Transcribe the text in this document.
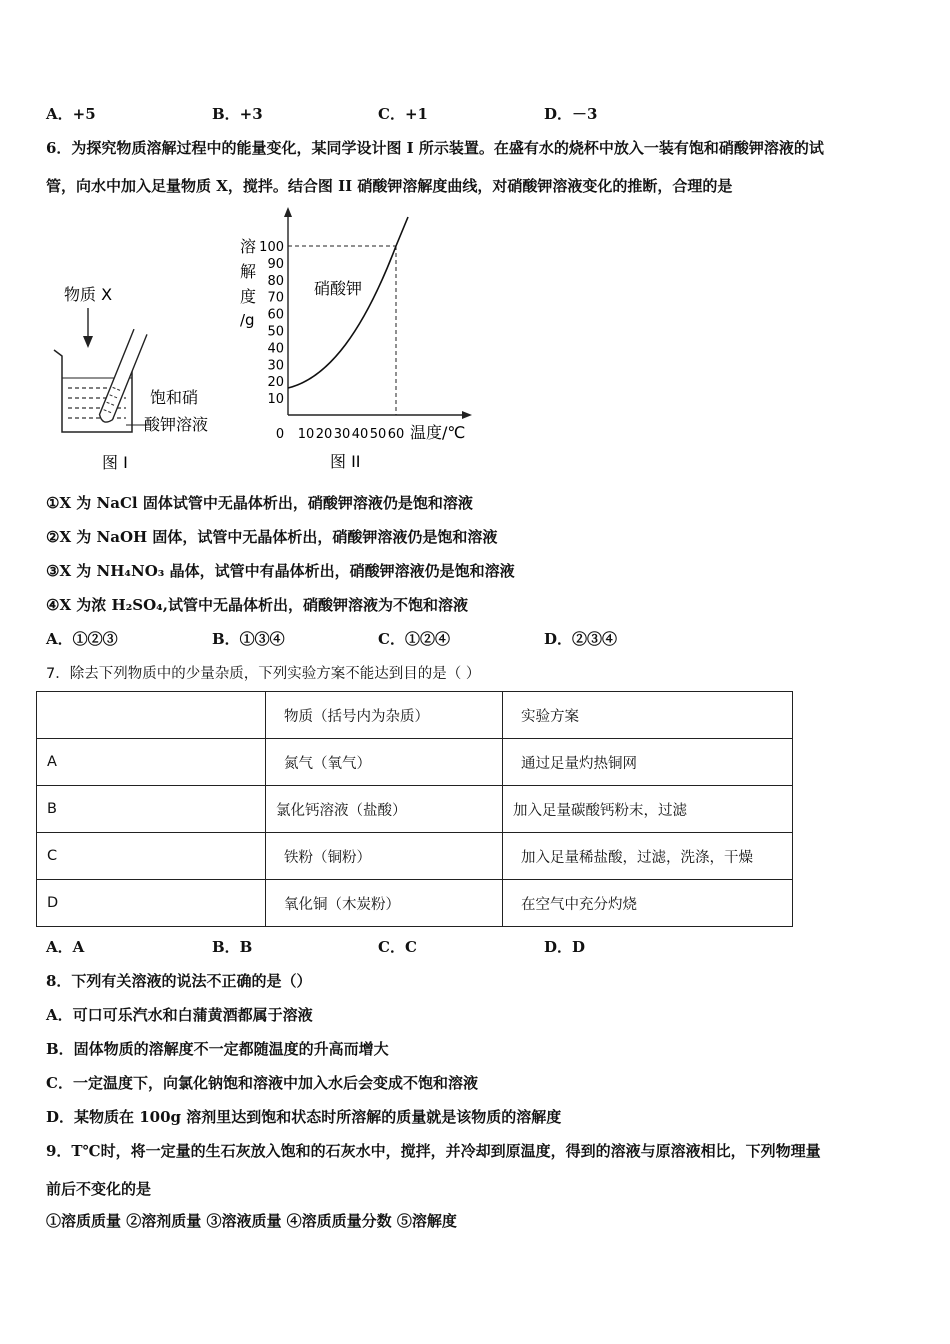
A．+5	B．+3	C．+1	D．－3
6．为探究物质溶解过程中的能量变化，某同学设计图 I 所示装置。在盛有水的烧杯中放入一装有饱和硝酸钾溶液的试
管，向水中加入足量物质 X，搅拌。结合图 II 硝酸钾溶解度曲线，对硝酸钾溶液变化的推断，合理的是
物质 X
饱和硝
酸钾溶液
图 I
溶
解
度
/g
100
90
80
70
60
50
40
30
20
10
0 10 20 30 40 50 60
硝酸钾
温度/℃
图 II
①X 为 NaCl 固体试管中无晶体析出，硝酸钾溶液仍是饱和溶液
②X 为 NaOH 固体，试管中无晶体析出，硝酸钾溶液仍是饱和溶液
③X 为 NH₄NO₃ 晶体，试管中有晶体析出，硝酸钾溶液仍是饱和溶液
④X 为浓 H₂SO₄,试管中无晶体析出，硝酸钾溶液为不饱和溶液
A．①②③	B．①③④	C．①②④	D．②③④
7．除去下列物质中的少量杂质，下列实验方案不能达到目的是（ ）
	物质（括号内为杂质）	实验方案
A	氮气（氧气）	通过足量灼热铜网
B	氯化钙溶液（盐酸）	加入足量碳酸钙粉末，过滤
C	铁粉（铜粉）	加入足量稀盐酸，过滤，洗涤，干燥
D	氧化铜（木炭粉）	在空气中充分灼烧
A．A	B．B	C．C	D．D
8．下列有关溶液的说法不正确的是（）
A．可口可乐汽水和白蒲黄酒都属于溶液
B．固体物质的溶解度不一定都随温度的升高而增大
C．一定温度下，向氯化钠饱和溶液中加入水后会变成不饱和溶液
D．某物质在 100g 溶剂里达到饱和状态时所溶解的质量就是该物质的溶解度
9．T℃时，将一定量的生石灰放入饱和的石灰水中，搅拌，并冷却到原温度，得到的溶液与原溶液相比，下列物理量
前后不变化的是
①溶质质量 ②溶剂质量 ③溶液质量 ④溶质质量分数 ⑤溶解度
